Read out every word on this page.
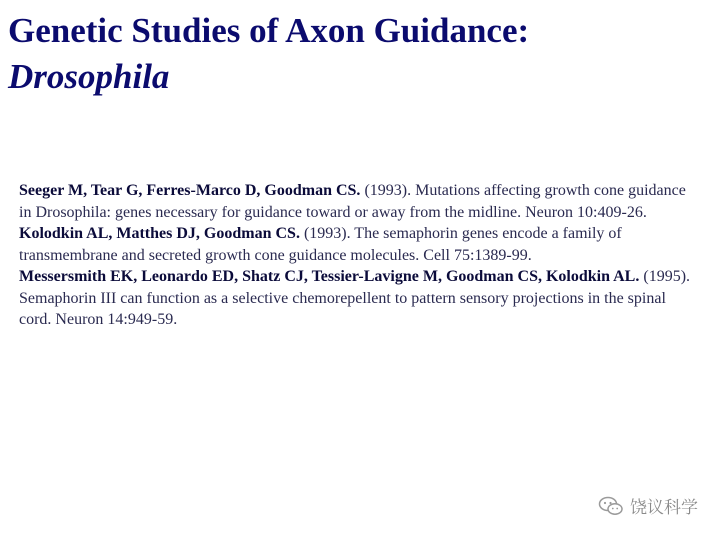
Genetic Studies of Axon Guidance:
Drosophila
Seeger M, Tear G, Ferres-Marco D, Goodman CS. (1993). Mutations affecting growth cone guidance in Drosophila: genes necessary for guidance toward or away from the midline. Neuron 10:409-26.
Kolodkin AL, Matthes DJ, Goodman CS. (1993). The semaphorin genes encode a family of transmembrane and secreted growth cone guidance molecules. Cell 75:1389-99.
Messersmith EK, Leonardo ED, Shatz CJ, Tessier-Lavigne M, Goodman CS, Kolodkin AL. (1995). Semaphorin III can function as a selective chemorepellent to pattern sensory projections in the spinal cord. Neuron 14:949-59.
饶议科学
